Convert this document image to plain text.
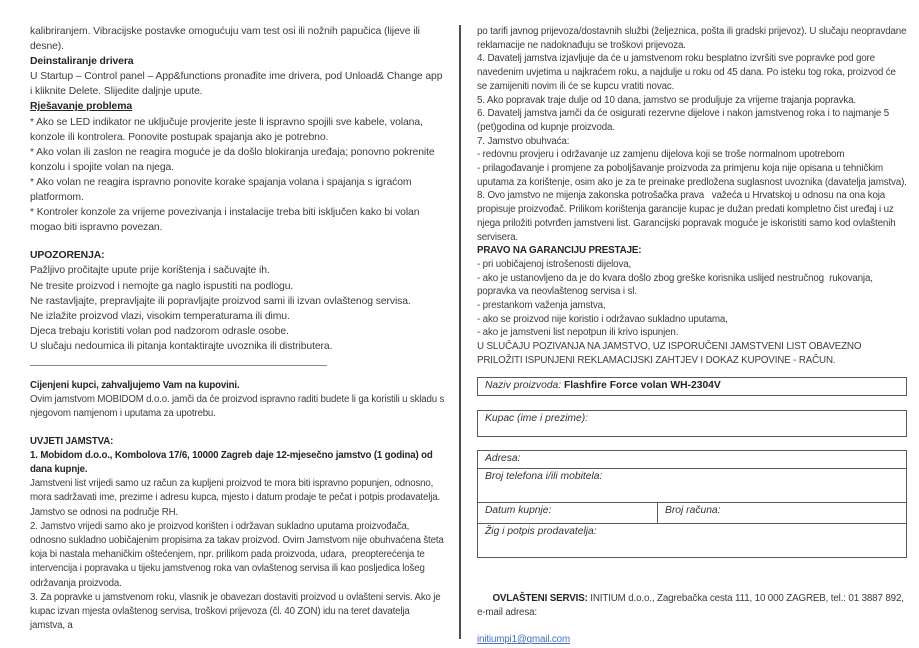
kalibriranjem. Vibracijske postavke omogućuju vam test osi ili nožnih papučica (lijeve ili desne).

Deinstaliranje drivera

U Startup – Control panel – App&functions pronađite ime drivera, pod Unload& Change app i kliknite Delete. Slijedite daljnje upute.

Rješavanje problema

* Ako se LED indikator ne uključuje provjerite jeste li ispravno spojili sve kabele, volana, konzole ili kontrolera. Ponovite postupak spajanja ako je potrebno.

* Ako volan ili zaslon ne reagira moguće je da došlo blokiranja uređaja; ponovno pokrenite konzolu i spojite volan na njega.

* Ako volan ne reagira ispravno ponovite korake spajanja volana i spajanja s igraćom platformom.

* Kontroler konzole za vrijeme povezivanja i instalacije treba biti isključen kako bi volan mogao biti ispravno povezan.

UPOZORENJA:

Pažljivo pročitajte upute prije korištenja i sačuvajte ih.

Ne tresite proizvod i nemojte ga naglo ispustiti na podlogu.

Ne rastavljajte, prepravljajte ili popravljajte proizvod sami ili izvan ovlaštenog servisa.

Ne izlažite proizvod vlazi, visokim temperaturama ili dimu.

Djeca trebaju koristiti volan pod nadzorom odrasle osobe.

U slučaju nedoumica ili pitanja kontaktirajte uvoznika ili distributera.

Cijenjeni kupci, zahvaljujemo Vam na kupovini.

Ovim jamstvom MOBIDOM d.o.o. jamči da će proizvod ispravno raditi budete li ga koristili u skladu s njegovom namjenom i uputama za upotrebu.

UVJETI JAMSTVA:

1. Mobidom d.o.o., Kombolova 17/6, 10000 Zagreb daje 12-mjesečno jamstvo (1 godina) od dana kupnje.

Jamstveni list vrijedi samo uz račun za kupljeni proizvod te mora biti ispravno popunjen, odnosno, mora sadržavati ime, prezime i adresu kupca, mjesto i datum prodaje te pečat i potpis prodavatelja. Jamstvo se odnosi na područje RH.

2. Jamstvo vrijedi samo ako je proizvod korišten i održavan sukladno uputama proizvođača, odnosno sukladno uobičajenim propisima za takav proizvod. Ovim Jamstvom nije obuhvaćena šteta koja bi nastala mehaničkim oštećenjem, npr. prilikom pada proizvoda, udara,  preopterećenja te intervencija i popravaka u tijeku jamstvenog roka van ovlaštenog servisa ili kao posljedica lošeg održavanja proizvoda.

3. Za popravke u jamstvenom roku, vlasnik je obavezan dostaviti proizvod u ovlašteni servis. Ako je kupac izvan mjesta ovlaštenog servisa, troškovi prijevoza (čl. 40 ZON) idu na teret davatelja jamstva, a

po tarifi javnog prijevoza/dostavnih službi (željeznica, pošta ili gradski prijevoz). U slučaju neopravdane reklamacije ne nadoknađuju se troškovi prijevoza.

4. Davatelj jamstva izjavljuje da će u jamstvenom roku besplatno izvršiti sve popravke pod gore navedenim uvjetima u najkraćem roku, a najdulje u roku od 45 dana. Po isteku tog roka, proizvod će se zamijeniti novim ili će se kupcu vratiti novac.

5. Ako popravak traje dulje od 10 dana, jamstvo se produljuje za vrijeme trajanja popravka.

6. Davatelj jamstva jamči da će osigurati rezervne dijelove i nakon jamstvenog roka i to najmanje 5 (pet)godina od kupnje proizvoda.

7. Jamstvo obuhvaća:

- redovnu provjeru i održavanje uz zamjenu dijelova koji se troše normalnom upotrebom

- prilagođavanje i promjene za poboljšavanje proizvoda za primjenu koja nije opisana u tehničkim uputama za korištenje, osim ako je za te preinake predložena suglasnost uvoznika (davatelja jamstva).

8. Ovo jamstvo ne mijenja zakonska potrošačka prava   važeća u Hrvatskoj u odnosu na ona koja propisuje proizvođač. Prilikom korištenja garancije kupac je dužan predati kompletno čist uređaj i uz njega priložiti potvrđen jamstveni list. Garancijski popravak moguće je iskoristiti samo kod ovlaštenih servisera.

PRAVO NA GARANCIJU PRESTAJE:

- pri uobičajenoj istrošenosti dijelova,

- ako je ustanovljeno da je do kvara došlo zbog greške korisnika uslijed nestručnog  rukovanja, popravka va neovlaštenog servisa i sl.

- prestankom važenja jamstva,

- ako se proizvod nije koristio i održavao sukladno uputama,

- ako je jamstveni list nepotpun ili krivo ispunjen.

U SLUČAJU POZIVANJA NA JAMSTVO, UZ ISPORUČENI JAMSTVENI LIST OBAVEZNO PRILOŽITI ISPUNJENI REKLAMACIJSKI ZAHTJEV I DOKAZ KUPOVINE - RAČUN.

Naziv proizvoda: Flashfire Force volan WH-2304V
Kupac (ime i prezime):
Adresa:
Broj telefona i/ili mobitela:
Datum kupnje:	Broj računa:
Žig i potpis prodavatelja:

OVLAŠTENI SERVIS: INITIUM d.o.o., Zagrebačka cesta 111, 10 000 ZAGREB, tel.: 01 3887 892, e-mail adresa:

initiumpi1@gmail.com
